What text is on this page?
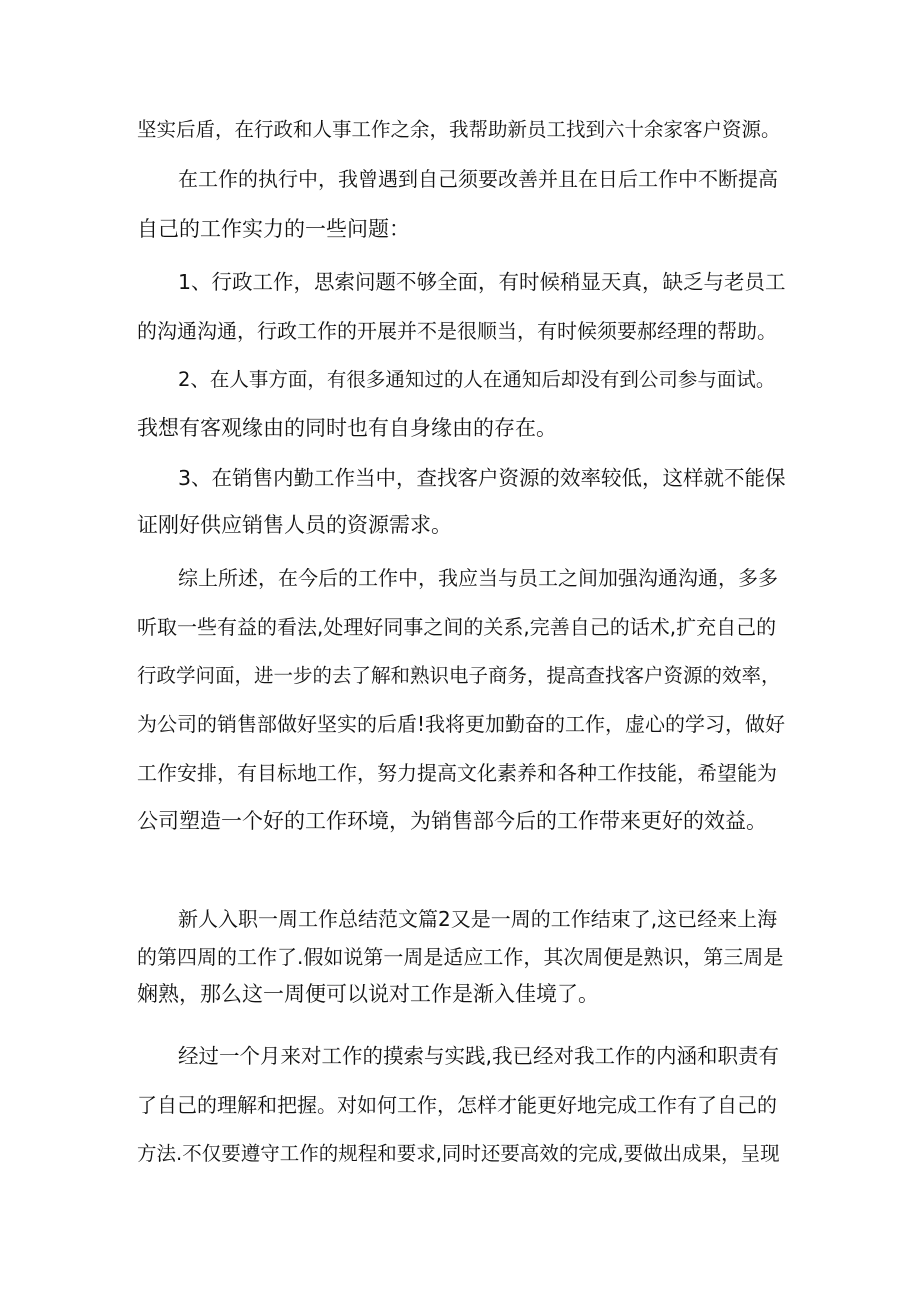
坚实后盾，在行政和人事工作之余，我帮助新员工找到六十余家客户资源。

在工作的执行中，我曾遇到自己须要改善并且在日后工作中不断提高

自己的工作实力的一些问题：

1、行政工作，思索问题不够全面，有时候稍显天真，缺乏与老员工

的沟通沟通，行政工作的开展并不是很顺当，有时候须要郝经理的帮助。

2、在人事方面，有很多通知过的人在通知后却没有到公司参与面试。

我想有客观缘由的同时也有自身缘由的存在。

3、在销售内勤工作当中，查找客户资源的效率较低，这样就不能保

证刚好供应销售人员的资源需求。

综上所述，在今后的工作中，我应当与员工之间加强沟通沟通，多多

听取一些有益的看法,处理好同事之间的关系,完善自己的话术,扩充自己的

行政学问面，进一步的去了解和熟识电子商务，提高查找客户资源的效率，

为公司的销售部做好坚实的后盾!我将更加勤奋的工作，虚心的学习，做好

工作安排，有目标地工作，努力提高文化素养和各种工作技能，希望能为

公司塑造一个好的工作环境，为销售部今后的工作带来更好的效益。

新人入职一周工作总结范文篇2又是一周的工作结束了,这已经来上海

的第四周的工作了.假如说第一周是适应工作，其次周便是熟识，第三周是

娴熟，那么这一周便可以说对工作是渐入佳境了。

经过一个月来对工作的摸索与实践,我已经对我工作的内涵和职责有

了自己的理解和把握。对如何工作，怎样才能更好地完成工作有了自己的

方法.不仅要遵守工作的规程和要求,同时还要高效的完成,要做出成果，呈现
